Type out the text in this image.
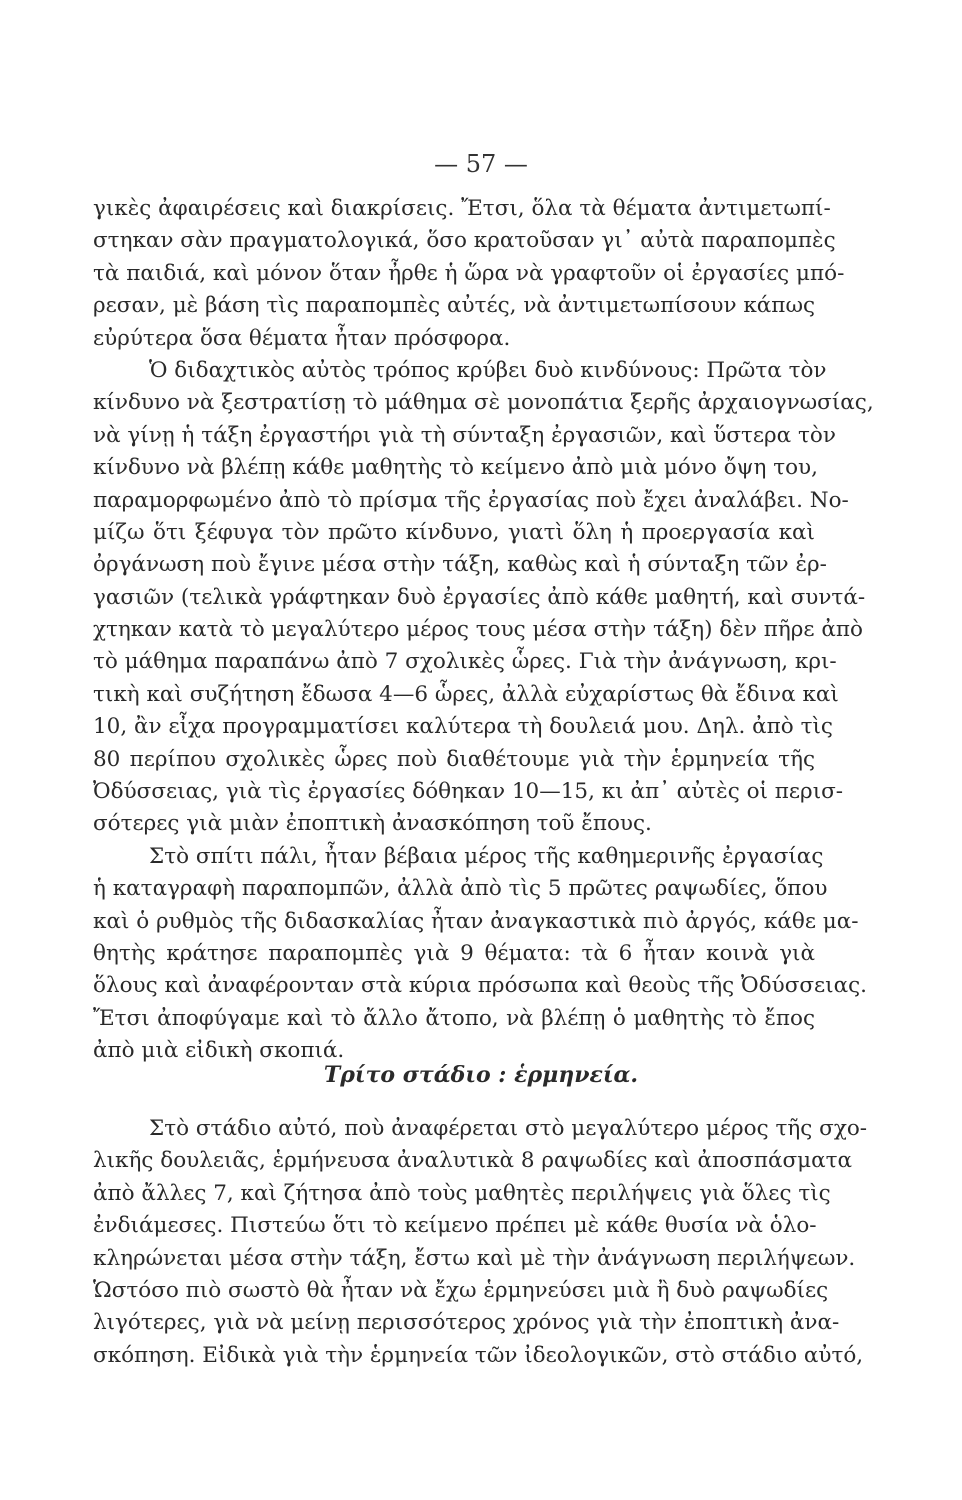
— 57 —
γικὲς ἀφαιρέσεις καὶ διακρίσεις. Ἔτσι, ὅλα τὰ θέματα ἀντιμετωπί-
στηκαν σὰν πραγματολογικά, ὅσο κρατοῦσαν γι᾽ αὐτὰ παραπομπὲς
τὰ παιδιά, καὶ μόνον ὅταν ἦρθε ἡ ὥρα νὰ γραφτοῦν οἱ ἐργασίες μπό-
ρεσαν, μὲ βάση τὶς παραπομπὲς αὐτές, νὰ ἀντιμετωπίσουν κάπως
εὐρύτερα ὅσα θέματα ἦταν πρόσφορα.
Ὁ διδαχτικὸς αὐτὸς τρόπος κρύβει δυὸ κινδύνους: Πρῶτα τὸν
κίνδυνο νὰ ξεστρατίσῃ τὸ μάθημα σὲ μονοπάτια ξερῆς ἀρχαιογνωσίας,
νὰ γίνῃ ἡ τάξη ἐργαστήρι γιὰ τὴ σύνταξη ἐργασιῶν, καὶ ὕστερα τὸν
κίνδυνο νὰ βλέπῃ κάθε μαθητὴς τὸ κείμενο ἀπὸ μιὰ μόνο ὄψη του,
παραμορφωμένο ἀπὸ τὸ πρίσμα τῆς ἐργασίας ποὺ ἔχει ἀναλάβει. Νο-
μίζω ὅτι ξέφυγα τὸν πρῶτο κίνδυνο, γιατὶ ὅλη ἡ προεργασία καὶ
ὀργάνωση ποὺ ἔγινε μέσα στὴν τάξη, καθὼς καὶ ἡ σύνταξη τῶν ἐρ-
γασιῶν (τελικὰ γράφτηκαν δυὸ ἐργασίες ἀπὸ κάθε μαθητή, καὶ συντά-
χτηκαν κατὰ τὸ μεγαλύτερο μέρος τους μέσα στὴν τάξη) δὲν πῆρε ἀπὸ
τὸ μάθημα παραπάνω ἀπὸ 7 σχολικὲς ὧρες. Γιὰ τὴν ἀνάγνωση, κρι-
τικὴ καὶ συζήτηση ἔδωσα 4—6 ὧρες, ἀλλὰ εὐχαρίστως θὰ ἔδινα καὶ
10, ἂν εἶχα προγραμματίσει καλύτερα τὴ δουλειά μου. Δηλ. ἀπὸ τὶς
80 περίπου σχολικὲς ὧρες ποὺ διαθέτουμε γιὰ τὴν ἑρμηνεία τῆς
Ὀδύσσειας, γιὰ τὶς ἐργασίες δόθηκαν 10—15, κι ἀπ᾽ αὐτὲς οἱ περισ-
σότερες γιὰ μιὰν ἐποπτικὴ ἀνασκόπηση τοῦ ἔπους.
Στὸ σπίτι πάλι, ἦταν βέβαια μέρος τῆς καθημερινῆς ἐργασίας
ἡ καταγραφὴ παραπομπῶν, ἀλλὰ ἀπὸ τὶς 5 πρῶτες ραψωδίες, ὅπου
καὶ ὁ ρυθμὸς τῆς διδασκαλίας ἦταν ἀναγκαστικὰ πιὸ ἀργός, κάθε μα-
θητὴς κράτησε παραπομπὲς γιὰ 9 θέματα: τὰ 6 ἦταν κοινὰ γιὰ
ὅλους καὶ ἀναφέρονταν στὰ κύρια πρόσωπα καὶ θεοὺς τῆς Ὀδύσσειας.
Ἔτσι ἀποφύγαμε καὶ τὸ ἄλλο ἄτοπο, νὰ βλέπῃ ὁ μαθητὴς τὸ ἔπος
ἀπὸ μιὰ εἰδικὴ σκοπιά.
Τρίτο στάδιο : ἑρμηνεία.
Στὸ στάδιο αὐτό, ποὺ ἀναφέρεται στὸ μεγαλύτερο μέρος τῆς σχο-
λικῆς δουλειᾶς, ἑρμήνευσα ἀναλυτικὰ 8 ραψωδίες καὶ ἀποσπάσματα
ἀπὸ ἄλλες 7, καὶ ζήτησα ἀπὸ τοὺς μαθητὲς περιλήψεις γιὰ ὅλες τὶς
ἐνδιάμεσες. Πιστεύω ὅτι τὸ κείμενο πρέπει μὲ κάθε θυσία νὰ ὁλο-
κληρώνεται μέσα στὴν τάξη, ἔστω καὶ μὲ τὴν ἀνάγνωση περιλήψεων.
Ὡστόσο πιὸ σωστὸ θὰ ἦταν νὰ ἔχω ἑρμηνεύσει μιὰ ἢ δυὸ ραψωδίες
λιγότερες, γιὰ νὰ μείνῃ περισσότερος χρόνος γιὰ τὴν ἐποπτικὴ ἀνα-
σκόπηση. Εἰδικὰ γιὰ τὴν ἑρμηνεία τῶν ἰδεολογικῶν, στὸ στάδιο αὐτό,
